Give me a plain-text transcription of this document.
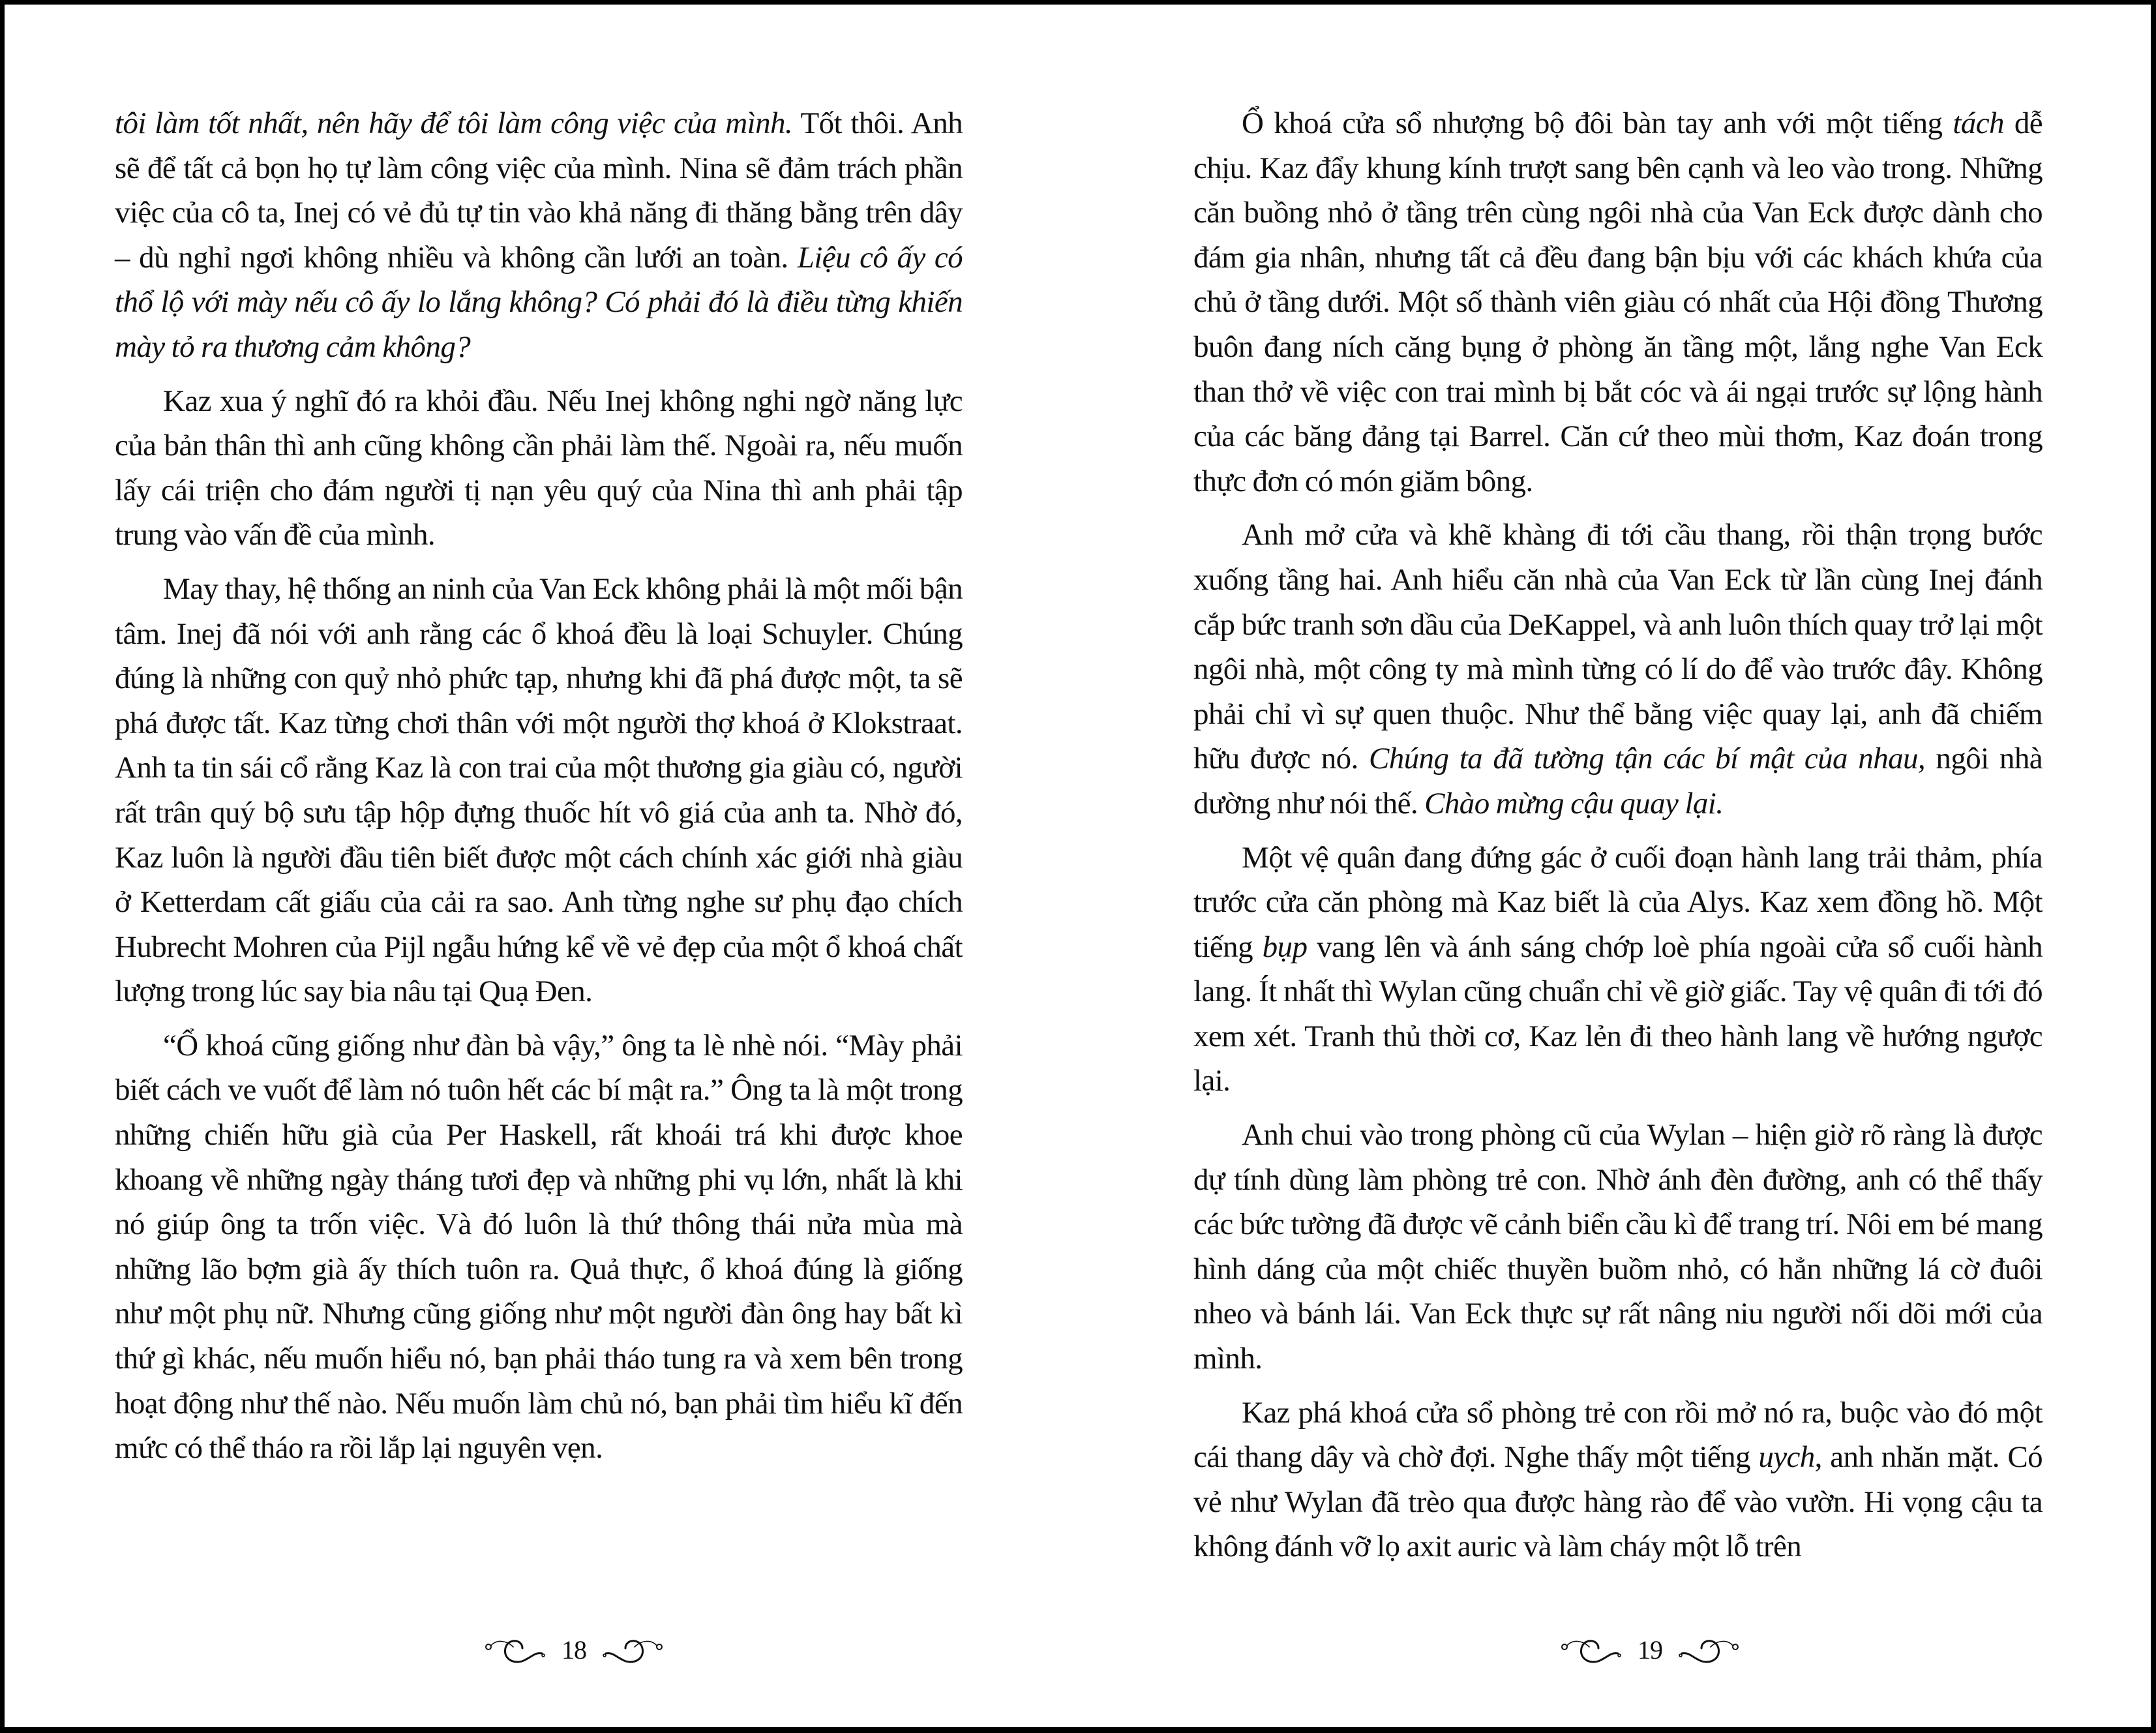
tôi làm tốt nhất, nên hãy để tôi làm công việc của mình. Tốt thôi. Anh sẽ để tất cả bọn họ tự làm công việc của mình. Nina sẽ đảm trách phần việc của cô ta, Inej có vẻ đủ tự tin vào khả năng đi thăng bằng trên dây – dù nghỉ ngơi không nhiều và không cần lưới an toàn. Liệu cô ấy có thổ lộ với mày nếu cô ấy lo lắng không? Có phải đó là điều từng khiến mày tỏ ra thương cảm không?

Kaz xua ý nghĩ đó ra khỏi đầu. Nếu Inej không nghi ngờ năng lực của bản thân thì anh cũng không cần phải làm thế. Ngoài ra, nếu muốn lấy cái triện cho đám người tị nạn yêu quý của Nina thì anh phải tập trung vào vấn đề của mình.

May thay, hệ thống an ninh của Van Eck không phải là một mối bận tâm. Inej đã nói với anh rằng các ổ khoá đều là loại Schuyler. Chúng đúng là những con quỷ nhỏ phức tạp, nhưng khi đã phá được một, ta sẽ phá được tất. Kaz từng chơi thân với một người thợ khoá ở Klokstraat. Anh ta tin sái cổ rằng Kaz là con trai của một thương gia giàu có, người rất trân quý bộ sưu tập hộp đựng thuốc hít vô giá của anh ta. Nhờ đó, Kaz luôn là người đầu tiên biết được một cách chính xác giới nhà giàu ở Ketterdam cất giấu của cải ra sao. Anh từng nghe sư phụ đạo chích Hubrecht Mohren của Pijl ngẫu hứng kể về vẻ đẹp của một ổ khoá chất lượng trong lúc say bia nâu tại Quạ Đen.

“Ổ khoá cũng giống như đàn bà vậy,” ông ta lè nhè nói. “Mày phải biết cách ve vuốt để làm nó tuôn hết các bí mật ra.” Ông ta là một trong những chiến hữu già của Per Haskell, rất khoái trá khi được khoe khoang về những ngày tháng tươi đẹp và những phi vụ lớn, nhất là khi nó giúp ông ta trốn việc. Và đó luôn là thứ thông thái nửa mùa mà những lão bợm già ấy thích tuôn ra. Quả thực, ổ khoá đúng là giống như một phụ nữ. Nhưng cũng giống như một người đàn ông hay bất kì thứ gì khác, nếu muốn hiểu nó, bạn phải tháo tung ra và xem bên trong hoạt động như thế nào. Nếu muốn làm chủ nó, bạn phải tìm hiểu kĩ đến mức có thể tháo ra rồi lắp lại nguyên vẹn.

18

Ổ khoá cửa sổ nhượng bộ đôi bàn tay anh với một tiếng tách dễ chịu. Kaz đẩy khung kính trượt sang bên cạnh và leo vào trong. Những căn buồng nhỏ ở tầng trên cùng ngôi nhà của Van Eck được dành cho đám gia nhân, nhưng tất cả đều đang bận bịu với các khách khứa của chủ ở tầng dưới. Một số thành viên giàu có nhất của Hội đồng Thương buôn đang ních căng bụng ở phòng ăn tầng một, lắng nghe Van Eck than thở về việc con trai mình bị bắt cóc và ái ngại trước sự lộng hành của các băng đảng tại Barrel. Căn cứ theo mùi thơm, Kaz đoán trong thực đơn có món giăm bông.

Anh mở cửa và khẽ khàng đi tới cầu thang, rồi thận trọng bước xuống tầng hai. Anh hiểu căn nhà của Van Eck từ lần cùng Inej đánh cắp bức tranh sơn dầu của DeKappel, và anh luôn thích quay trở lại một ngôi nhà, một công ty mà mình từng có lí do để vào trước đây. Không phải chỉ vì sự quen thuộc. Như thể bằng việc quay lại, anh đã chiếm hữu được nó. Chúng ta đã tường tận các bí mật của nhau, ngôi nhà dường như nói thế. Chào mừng cậu quay lại.

Một vệ quân đang đứng gác ở cuối đoạn hành lang trải thảm, phía trước cửa căn phòng mà Kaz biết là của Alys. Kaz xem đồng hồ. Một tiếng bụp vang lên và ánh sáng chớp loè phía ngoài cửa sổ cuối hành lang. Ít nhất thì Wylan cũng chuẩn chỉ về giờ giấc. Tay vệ quân đi tới đó xem xét. Tranh thủ thời cơ, Kaz lẻn đi theo hành lang về hướng ngược lại.

Anh chui vào trong phòng cũ của Wylan – hiện giờ rõ ràng là được dự tính dùng làm phòng trẻ con. Nhờ ánh đèn đường, anh có thể thấy các bức tường đã được vẽ cảnh biển cầu kì để trang trí. Nôi em bé mang hình dáng của một chiếc thuyền buồm nhỏ, có hẳn những lá cờ đuôi nheo và bánh lái. Van Eck thực sự rất nâng niu người nối dõi mới của mình.

Kaz phá khoá cửa sổ phòng trẻ con rồi mở nó ra, buộc vào đó một cái thang dây và chờ đợi. Nghe thấy một tiếng uych, anh nhăn mặt. Có vẻ như Wylan đã trèo qua được hàng rào để vào vườn. Hi vọng cậu ta không đánh vỡ lọ axit auric và làm cháy một lỗ trên

19
